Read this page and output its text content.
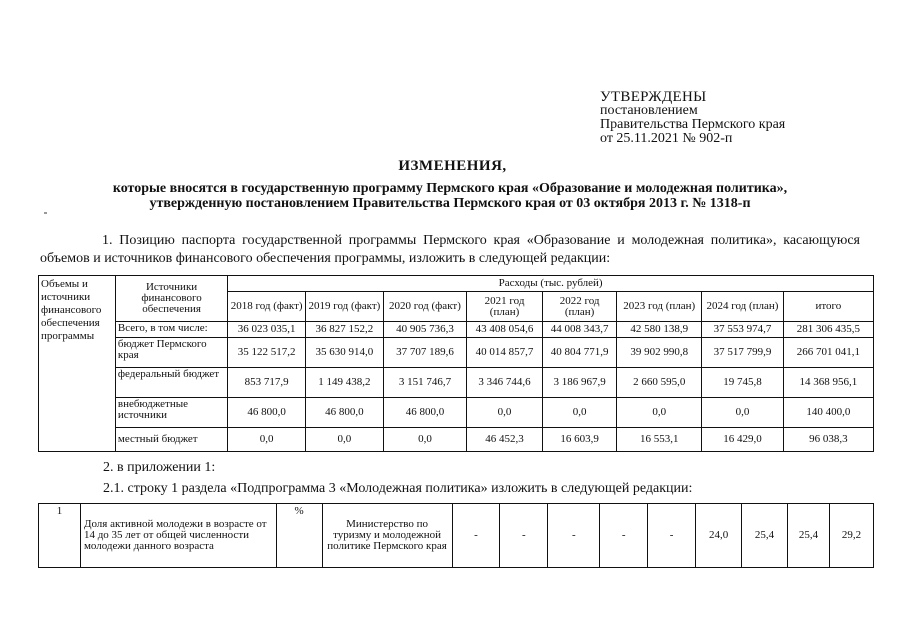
УТВЕРЖДЕНЫ
постановлением
Правительства Пермского края
от 25.11.2021 № 902-п
ИЗМЕНЕНИЯ,
которые вносятся в государственную программу Пермского края «Образование и молодежная политика»,
утвержденную постановлением Правительства Пермского края от 03 октября 2013 г. № 1318-п
1. Позицию паспорта государственной программы Пермского края «Образование и молодежная политика», касающуюся объемов и источников финансового обеспечения программы, изложить в следующей редакции:
Объемы и источники финансового обеспечения программы	Источники финансового обеспечения	Расходы (тыс. рублей)							
		2018 год (факт)	2019 год (факт)	2020 год (факт)	2021 год (план)	2022 год (план)	2023 год (план)	2024 год (план)	итого
	Всего, в том числе:	36 023 035,1	36 827 152,2	40 905 736,3	43 408 054,6	44 008 343,7	42 580 138,9	37 553 974,7	281 306 435,5
	бюджет Пермского края	35 122 517,2	35 630 914,0	37 707 189,6	40 014 857,7	40 804 771,9	39 902 990,8	37 517 799,9	266 701 041,1
	федеральный бюджет	853 717,9	1 149 438,2	3 151 746,7	3 346 744,6	3 186 967,9	2 660 595,0	19 745,8	14 368 956,1
	внебюджетные источники	46 800,0	46 800,0	46 800,0	0,0	0,0	0,0	0,0	140 400,0
	местный бюджет	0,0	0,0	0,0	46 452,3	16 603,9	16 553,1	16 429,0	96 038,3
2. в приложении 1:
2.1. строку 1 раздела «Подпрограмма 3 «Молодежная политика» изложить в следующей редакции:
1	Доля активной молодежи в возрасте от 14 до 35 лет от общей численности молодежи данного возраста	%	Министерство по туризму и молодежной политике Пермского края	-	-	-	-	-	24,0	25,4	25,4	29,2
